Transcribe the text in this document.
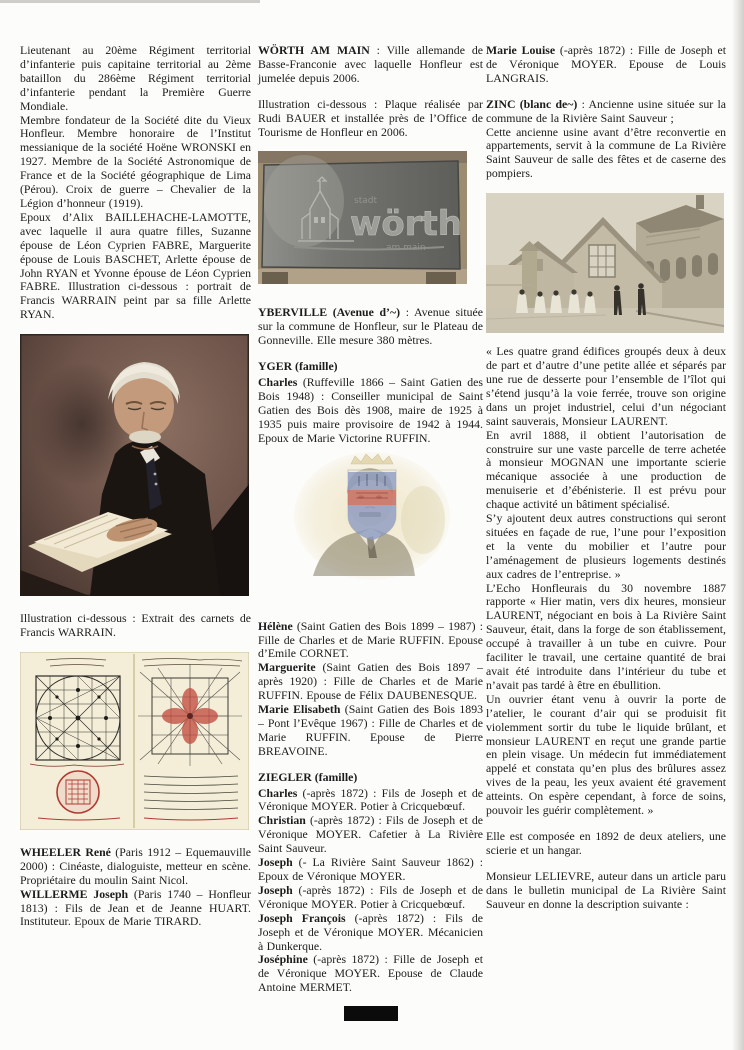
Lieutenant au 20ème Régiment territorial d’infanterie puis capitaine territorial au 2ème bataillon du 286ème Régiment territorial d’infanterie pendant la Première Guerre Mondiale.

Membre fondateur de la Société dite du Vieux Honfleur. Membre honoraire de l’Institut messianique de la société Hoëne WRONSKI en 1927. Membre de la Société Astronomique de France et de la Société géographique de Lima (Pérou). Croix de guerre – Chevalier de la Légion d’honneur (1919).

Epoux d’Alix BAILLEHACHE-LAMOTTE, avec laquelle il aura quatre filles, Suzanne épouse de Léon Cyprien FABRE, Marguerite épouse de Louis BASCHET, Arlette épouse de John RYAN et Yvonne épouse de Léon Cyprien FABRE. Illustration ci-dessous : portrait de Francis WARRAIN peint par sa fille Arlette RYAN.

Illustration ci-dessous : Extrait des carnets de Francis WARRAIN.

WHEELER René (Paris 1912 – Equemauville 2000) : Cinéaste, dialoguiste, metteur en scène. Propriétaire du moulin Saint Nicol.

WILLERME Joseph (Paris 1740 – Honfleur 1813) : Fils de Jean et de Jeanne HUART. Instituteur. Epoux de Marie TIRARD.

WÖRTH AM MAIN : Ville allemande de Basse-Franconie avec laquelle Honfleur est jumelée depuis 2006.

Illustration ci-dessous : Plaque réalisée par Rudi BAUER et installée près de l’Office de Tourisme de Honfleur en 2006.

stadt
wörth
am main

YBERVILLE (Avenue d’~) : Avenue située sur la commune de Honfleur, sur le Plateau de Gonneville. Elle mesure 380 mètres.

YGER (famille)

Charles (Ruffeville 1866 – Saint Gatien des Bois 1948) : Conseiller municipal de Saint Gatien des Bois dès 1908, maire de 1925 à 1935 puis maire provisoire de 1942 à 1944. Epoux de Marie Victorine RUFFIN.

Hélène (Saint Gatien des Bois 1899 – 1987) : Fille de Charles et de Marie RUFFIN. Epouse d’Emile CORNET.

Marguerite (Saint Gatien des Bois 1897 – après 1920) : Fille de Charles et de Marie RUFFIN. Epouse de Félix DAUBENESQUE.

Marie Elisabeth (Saint Gatien des Bois 1893 – Pont l’Evêque 1967) : Fille de Charles et de Marie RUFFIN. Epouse de Pierre BREAVOINE.

ZIEGLER (famille)

Charles (-après 1872) : Fils de Joseph et de Véronique MOYER. Potier à Cricquebœuf.

Christian (-après 1872) : Fils de Joseph et de Véronique MOYER. Cafetier à La Rivière Saint Sauveur.

Joseph (- La Rivière Saint Sauveur 1862) : Epoux de Véronique MOYER.

Joseph (-après 1872) : Fils de Joseph et de Véronique MOYER. Potier à Cricquebœuf.

Joseph François (-après 1872) : Fils de Joseph et de Véronique MOYER. Mécanicien à Dunkerque.

Joséphine (-après 1872) : Fille de Joseph et de Véronique MOYER. Epouse de Claude Antoine MERMET.

Marie Louise (-après 1872) : Fille de Joseph et de Véronique MOYER. Epouse de Louis LANGRAIS.

ZINC (blanc de~) : Ancienne usine située sur la commune de la Rivière Saint Sauveur ;

Cette ancienne usine avant d’être reconvertie en appartements, servit à la commune de La Rivière Saint Sauveur de salle des fêtes et de caserne des pompiers.

« Les quatre grand édifices groupés deux à deux de part et d’autre d’une petite allée et séparés par une rue de desserte pour l’ensemble de l’îlot qui s’étend jusqu’à la voie ferrée, trouve son origine dans un projet industriel, celui d’un négociant saint sauverais, Monsieur LAURENT.

En avril 1888, il obtient l’autorisation de construire sur une vaste parcelle de terre achetée à monsieur MOGNAN une importante scierie mécanique associée à une production de menuiserie et d’ébénisterie. Il est prévu pour chaque activité un bâtiment spécialisé.

S’y ajoutent deux autres constructions qui seront situées en façade de rue, l’une pour l’exposition et la vente du mobilier et l’autre pour l’aménagement de plusieurs logements destinés aux cadres de l’entreprise. »

L’Echo Honfleurais du 30 novembre 1887 rapporte « Hier matin, vers dix heures, monsieur LAURENT, négociant en bois à La Rivière Saint Sauveur, était, dans la forge de son établissement, occupé à travailler à un tube en cuivre. Pour faciliter le travail, une certaine quantité de brai avait été introduite dans l’intérieur du tube et n’avait pas tardé à être en ébullition.

Un ouvrier étant venu à ouvrir la porte de l’atelier, le courant d’air qui se produisit fit violemment sortir du tube le liquide brûlant, et monsieur LAURENT en reçut une grande partie en plein visage. Un médecin fut immédiatement appelé et constata qu’en plus des brûlures assez vives de la peau, les yeux avaient été gravement atteints. On espère cependant, à force de soins, pouvoir les guérir complètement. »

Elle est composée en 1892 de deux ateliers, une scierie et un hangar.

Monsieur LELIEVRE, auteur dans un article paru dans le bulletin municipal de La Rivière Saint Sauveur en donne la description suivante :
